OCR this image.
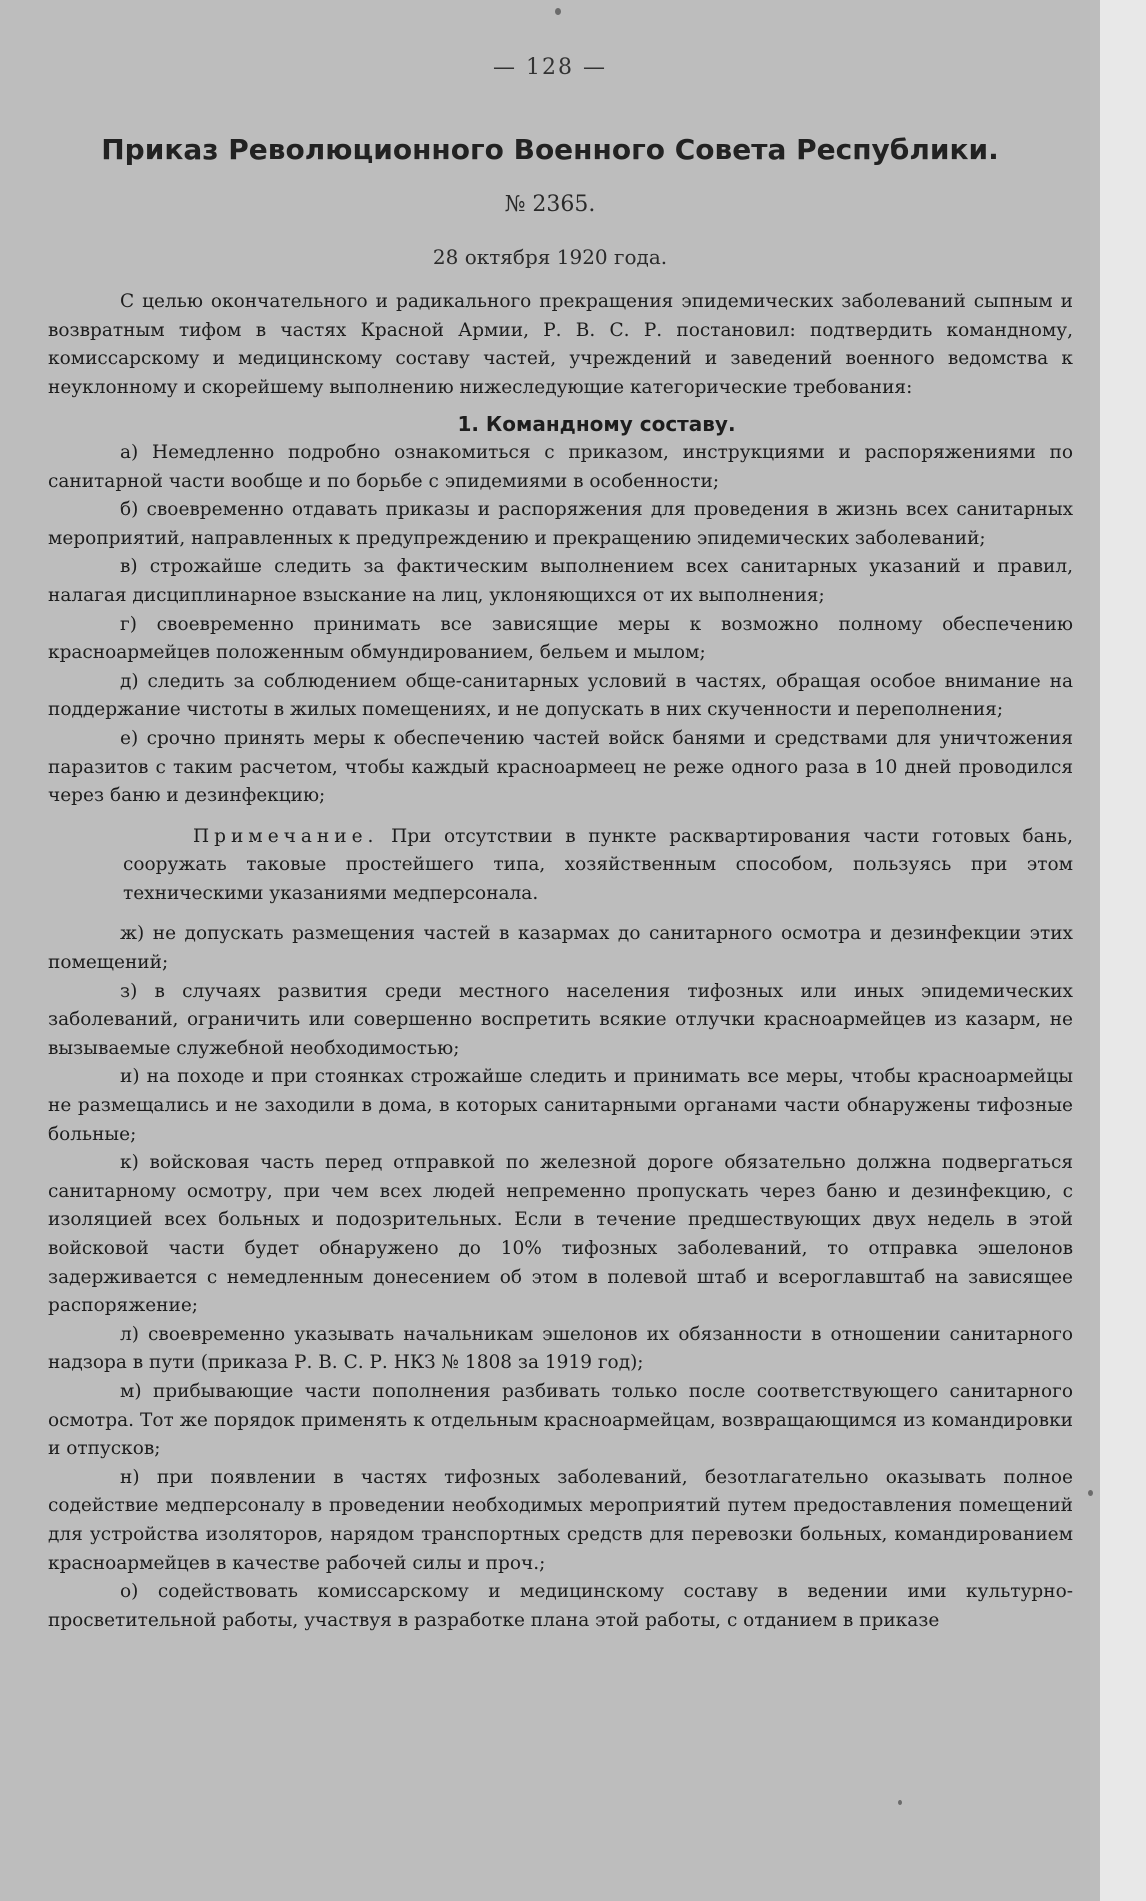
— 128 —
Приказ Революционного Военного Совета Республики.
№ 2365.
28 октября 1920 года.

С целью окончательного и радикального прекращения эпидемических заболеваний сыпным и возвратным тифом в частях Красной Армии, Р. В. С. Р. постановил: подтвердить командному, комиссарскому и медицинскому составу частей, учреждений и заведений военного ведомства к неуклонному и скорейшему выполнению нижеследующие категорические требования:

1. Командному составу.

а) Немедленно подробно ознакомиться с приказом, инструкциями и распоряжениями по санитарной части вообще и по борьбе с эпидемиями в особенности;

б) своевременно отдавать приказы и распоряжения для проведения в жизнь всех санитарных мероприятий, направленных к предупреждению и прекращению эпидемических заболеваний;

в) строжайше следить за фактическим выполнением всех санитарных указаний и правил, налагая дисциплинарное взыскание на лиц, уклоняющихся от их выполнения;

г) своевременно принимать все зависящие меры к возможно полному обеспечению красноармейцев положенным обмундированием, бельем и мылом;

д) следить за соблюдением обще-санитарных условий в частях, обращая особое внимание на поддержание чистоты в жилых помещениях, и не допускать в них скученности и переполнения;

е) срочно принять меры к обеспечению частей войск банями и средствами для уничтожения паразитов с таким расчетом, чтобы каждый красноармеец не реже одного раза в 10 дней проводился через баню и дезинфекцию;

Примечание. При отсутствии в пункте расквартирования части готовых бань, сооружать таковые простейшего типа, хозяйственным способом, пользуясь при этом техническими указаниями медперсонала.

ж) не допускать размещения частей в казармах до санитарного осмотра и дезинфекции этих помещений;

з) в случаях развития среди местного населения тифозных или иных эпидемических заболеваний, ограничить или совершенно воспретить всякие отлучки красноармейцев из казарм, не вызываемые служебной необходимостью;

и) на походе и при стоянках строжайше следить и принимать все меры, чтобы красноармейцы не размещались и не заходили в дома, в которых санитарными органами части обнаружены тифозные больные;

к) войсковая часть перед отправкой по железной дороге обязательно должна подвергаться санитарному осмотру, при чем всех людей непременно пропускать через баню и дезинфекцию, с изоляцией всех больных и подозрительных. Если в течение предшествующих двух недель в этой войсковой части будет обнаружено до 10% тифозных заболеваний, то отправка эшелонов задерживается с немедленным донесением об этом в полевой штаб и всероглавштаб на зависящее распоряжение;

л) своевременно указывать начальникам эшелонов их обязанности в отношении санитарного надзора в пути (приказа Р. В. С. Р. НКЗ № 1808 за 1919 год);

м) прибывающие части пополнения разбивать только после соответствующего санитарного осмотра. Тот же порядок применять к отдельным красноармейцам, возвращающимся из командировки и отпусков;

н) при появлении в частях тифозных заболеваний, безотлагательно оказывать полное содействие медперсоналу в проведении необходимых мероприятий путем предоставления помещений для устройства изоляторов, нарядом транспортных средств для перевозки больных, командированием красноармейцев в качестве рабочей силы и проч.;

о) содействовать комиссарскому и медицинскому составу в ведении ими культурно-просветительной работы, участвуя в разработке плана этой работы, с отданием в приказе
